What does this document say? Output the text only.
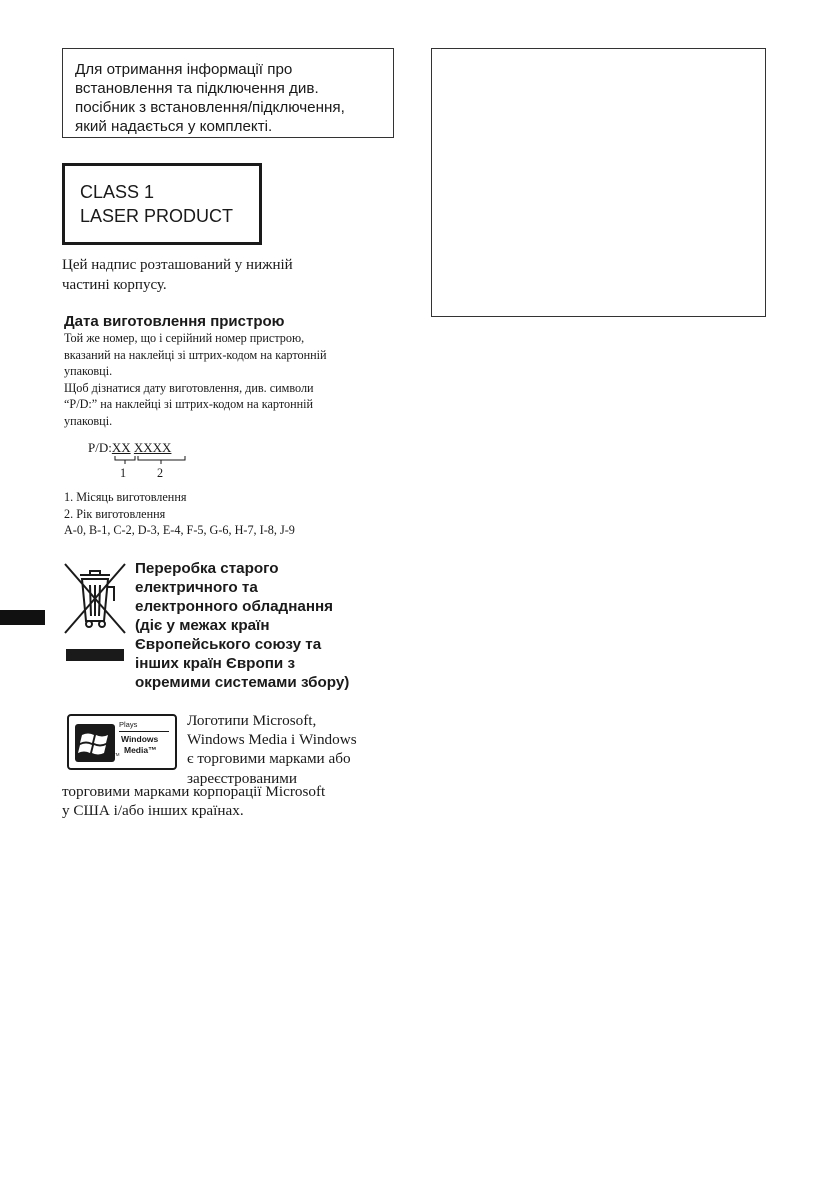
Для отримання інформації про
встановлення та підключення див.
посібник з встановлення/підключення,
який надається у комплекті.
CLASS 1
LASER PRODUCT
Цей надпис розташований у нижній
частині корпусу.
Дата виготовлення пристрою
Той же номер, що і серійний номер пристрою,
вказаний на наклейці зі штрих-кодом на картонній
упаковці.
Щоб дізнатися дату виготовлення, див. символи
“P/D:” на наклейці зі штрих-кодом на картонній
упаковці.
P/D:XX XXXX
1	2
1. Місяць виготовлення
2. Рік виготовлення
A-0, B-1, C-2, D-3, E-4, F-5, G-6, H-7, I-8, J-9
Переробка старого
електричного та
електронного обладнання
(діє у межах країн
Європейського союзу та
інших країн Європи з
окремими системами збору)
Plays
Windows
Media™
TM
Логотипи Microsoft,
Windows Media і Windows
є торговими марками або
зареєстрованими
торговими марками корпорації Microsoft
у США і/або інших країнах.
